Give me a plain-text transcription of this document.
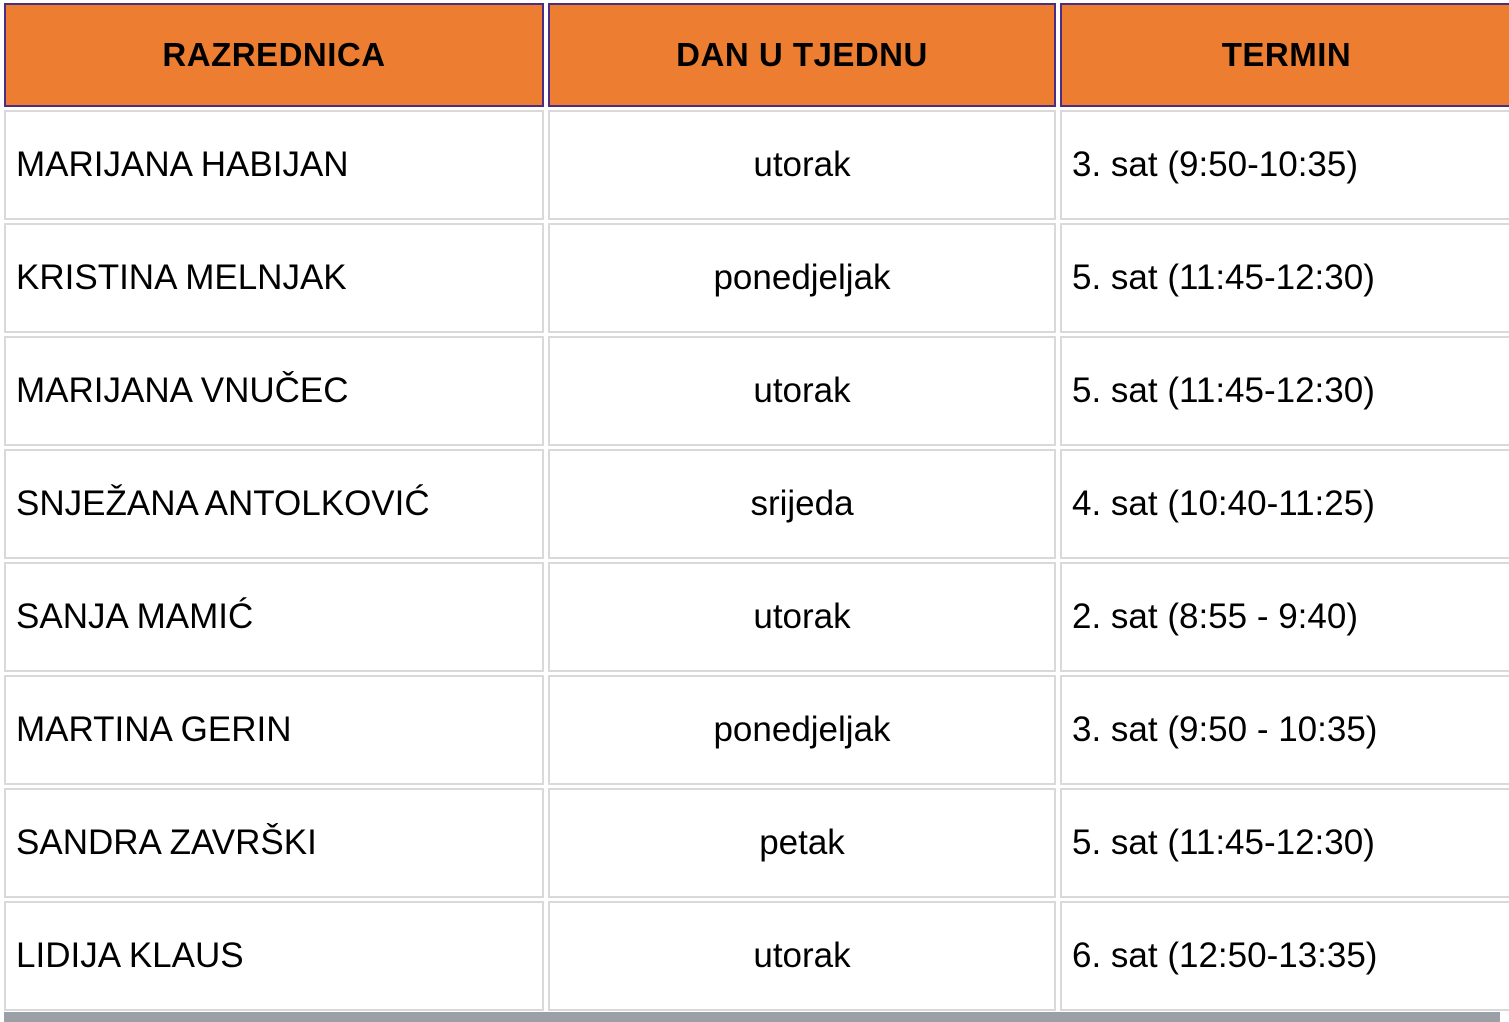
RAZREDNICA	DAN U TJEDNU	TERMIN
MARIJANA HABIJAN	utorak	3. sat (9:50-10:35)
KRISTINA MELNJAK	ponedjeljak	5. sat (11:45-12:30)
MARIJANA VNUČEC	utorak	5. sat (11:45-12:30)
SNJEŽANA ANTOLKOVIĆ	srijeda	4. sat (10:40-11:25)
SANJA MAMIĆ	utorak	2. sat (8:55 - 9:40)
MARTINA GERIN	ponedjeljak	3. sat (9:50 - 10:35)
SANDRA ZAVRŠKI	petak	5. sat (11:45-12:30)
LIDIJA KLAUS	utorak	6. sat (12:50-13:35)
